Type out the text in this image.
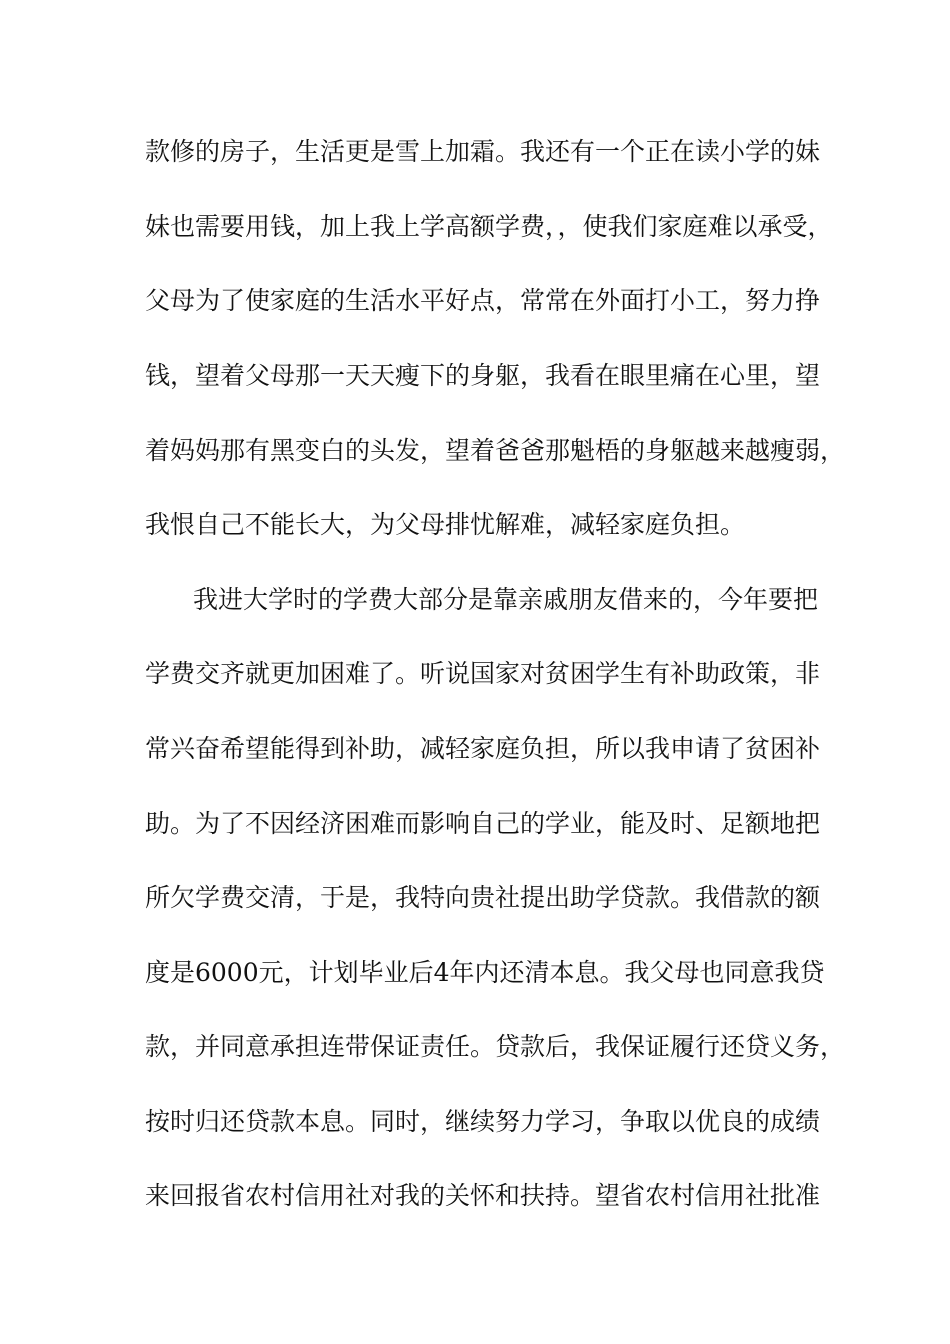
款修的房子，生活更是雪上加霜。我还有一个正在读小学的妹
妹也需要用钱，加上我上学高额学费，，使我们家庭难以承受，
父母为了使家庭的生活水平好点，常常在外面打小工，努力挣
钱，望着父母那一天天瘦下的身躯，我看在眼里痛在心里，望
着妈妈那有黑变白的头发，望着爸爸那魁梧的身躯越来越瘦弱，
我恨自己不能长大，为父母排忧解难，减轻家庭负担。
我进大学时的学费大部分是靠亲戚朋友借来的，今年要把
学费交齐就更加困难了。听说国家对贫困学生有补助政策，非
常兴奋希望能得到补助，减轻家庭负担，所以我申请了贫困补
助。为了不因经济困难而影响自己的学业，能及时、足额地把
所欠学费交清，于是，我特向贵社提出助学贷款。我借款的额
度是6000元，计划毕业后4年内还清本息。我父母也同意我贷
款，并同意承担连带保证责任。贷款后，我保证履行还贷义务，
按时归还贷款本息。同时，继续努力学习，争取以优良的成绩
来回报省农村信用社对我的关怀和扶持。望省农村信用社批准
